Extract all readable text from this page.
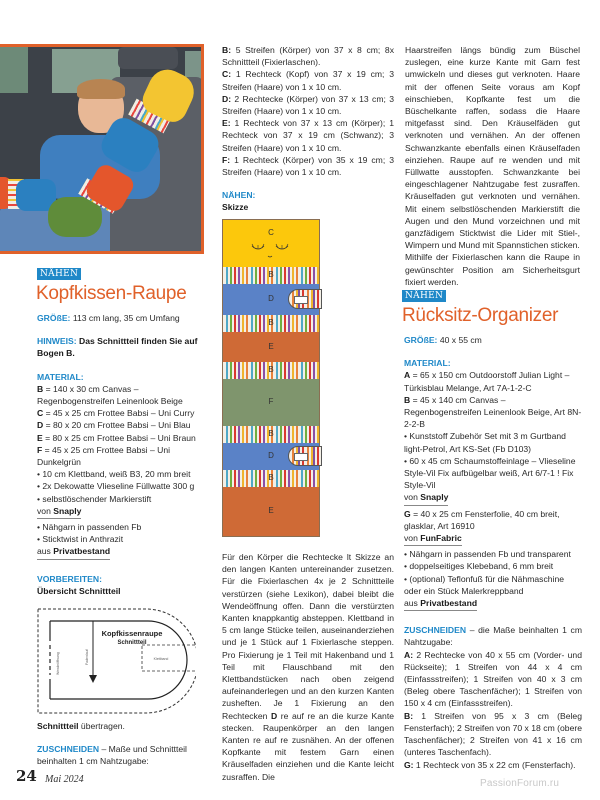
NÄHEN
Kopfkissen-Raupe

GRÖßE: 113 cm lang, 35 cm Umfang

HINWEIS: Das Schnittteil finden Sie auf Bogen B.

MATERIAL:

B = 140 x 30 cm Canvas – Regenbogenstreifen Leinenlook Beige

C = 45 x 25 cm Frottee Babsi – Uni Curry

D = 80 x 20 cm Frottee Babsi – Uni Blau

E = 80 x 25 cm Frottee Babsi – Uni Braun

F = 45 x 25 cm Frottee Babsi – Uni Dunkelgrün

• 10 cm Klettband, weiß B3, 20 mm breit

• 2x Dekowatte Vlieseline Füllwatte 300 g

• selbstlöschender Markierstift

von Snaply

• Nähgarn in passenden Fb

• Sticktwist in Anthrazit

aus Privatbestand

VORBEREITEN:

Übersicht Schnittteil

Kopfkissenraupe
Schnittteil
Klettband
Wendeöffnung	Fadenlauf

Schnittteil übertragen.

ZUSCHNEIDEN – Maße und Schnittteil beinhalten 1 cm Nahtzugabe:

B: 5 Streifen (Körper) von 37 x 8 cm; 8x Schnittteil (Fixierlaschen).

C: 1 Rechteck (Kopf) von 37 x 19 cm; 3 Streifen (Haare) von 1 x 10 cm.

D: 2 Rechtecke (Körper) von 37 x 13 cm; 3 Streifen (Haare) von 1 x 10 cm.

E: 1 Rechteck von 37 x 13 cm (Körper); 1 Rechteck von 37 x 19 cm (Schwanz); 3 Streifen (Haare) von 1 x 10 cm.

F: 1 Rechteck (Körper) von 35 x 19 cm; 3 Streifen (Haare) von 1 x 10 cm.

NÄHEN:

Skizze

C
B
D
B
E
B
F
B
D
B
E

Für den Körper die Rechtecke lt Skizze an den langen Kanten untereinander zusetzen. Für die Fixierlaschen 4x je 2 Schnittteile verstürzen (siehe Lexikon), dabei bleibt die Wendeöffnung offen. Dann die verstürzten Kanten knappkantig absteppen. Klettband in 5 cm lange Stücke teilen, auseinanderziehen und je 1 Stück auf 1 Fixierlasche steppen. Pro Fixierung je 1 Teil mit Hakenband und 1 Teil mit Flauschband mit den Klettbandstücken nach oben zeigend aufeinanderlegen und an den kurzen Kanten zusheften. Je 1 Fixierung an den Rechtecken D re auf re an die kurze Kante stecken. Raupenkörper an den langen Kanten re auf re zusnähen. An der offenen Kopfkante mit festem Garn einen Kräuselfaden einziehen und die Kante leicht zusraffen. Die

Haarstreifen längs bündig zum Büschel zuslegen, eine kurze Kante mit Garn fest umwickeln und dieses gut verknoten. Haare mit der offenen Seite voraus am Kopf einschieben, Kopfkante fest um die Büschelkante raffen, sodass die Haare mitgefasst sind. Den Kräuselfäden gut verknoten und vernähen. An der offenen Schwanzkante ebenfalls einen Kräuselfaden einziehen. Raupe auf re wenden und mit Füllwatte ausstopfen. Schwanzkante bei eingeschlagener Nahtzugabe fest zusraffen. Kräuselfaden gut verknoten und vernähen. Mit einem selbstlöschenden Markierstift die Augen und den Mund vorzeichnen und mit ganzfädigem Sticktwist die Lider mit Stiel-, Wimpern und Mund mit Spannstichen sticken.

Mithilfe der Fixierlaschen kann die Raupe in gewünschter Position am Sicherheitsgurt fixiert werden.

NÄHEN
Rücksitz-Organizer

GRÖßE: 40 x 55 cm

MATERIAL:

A = 65 x 150 cm Outdoorstoff Julian Light – Türkisblau Melange, Art 7A-1-2-C

B = 45 x 140 cm Canvas – Regenbogenstreifen Leinenlook Beige, Art 8N-2-2-B

• Kunststoff Zubehör Set mit 3 m Gurtband light-Petrol, Art KS-Set (Fb D103)

• 60 x 45 cm Schaumstoffeinlage – Vlieseline Style-Vil Fix aufbügelbar weiß, Art 6/7-1 ! Fix Style-Vil

von Snaply

G = 40 x 25 cm Fensterfolie, 40 cm breit, glasklar, Art 16910

von FunFabric

• Nähgarn in passenden Fb und transparent

• doppelseitiges Klebeband, 6 mm breit

• (optional) Teflonfuß für die Nähmaschine oder ein Stück Malerkreppband

aus Privatbestand

ZUSCHNEIDEN – die Maße beinhalten 1 cm Nahtzugabe:

A: 2 Rechtecke von 40 x 55 cm (Vorder- und Rückseite); 1 Streifen von 44 x 4 cm (Einfassstreifen); 1 Streifen von 40 x 3 cm (Beleg obere Taschenfächer); 1 Streifen von 150 x 4 cm (Einfassstreifen).

B: 1 Streifen von 95 x 3 cm (Beleg Fensterfach); 2 Streifen von 70 x 18 cm (obere Taschenfächer); 2 Streifen von 41 x 16 cm (unteres Taschenfach).

G: 1 Rechteck von 35 x 22 cm (Fensterfach).

24 Mai 2024	PassionForum.ru
